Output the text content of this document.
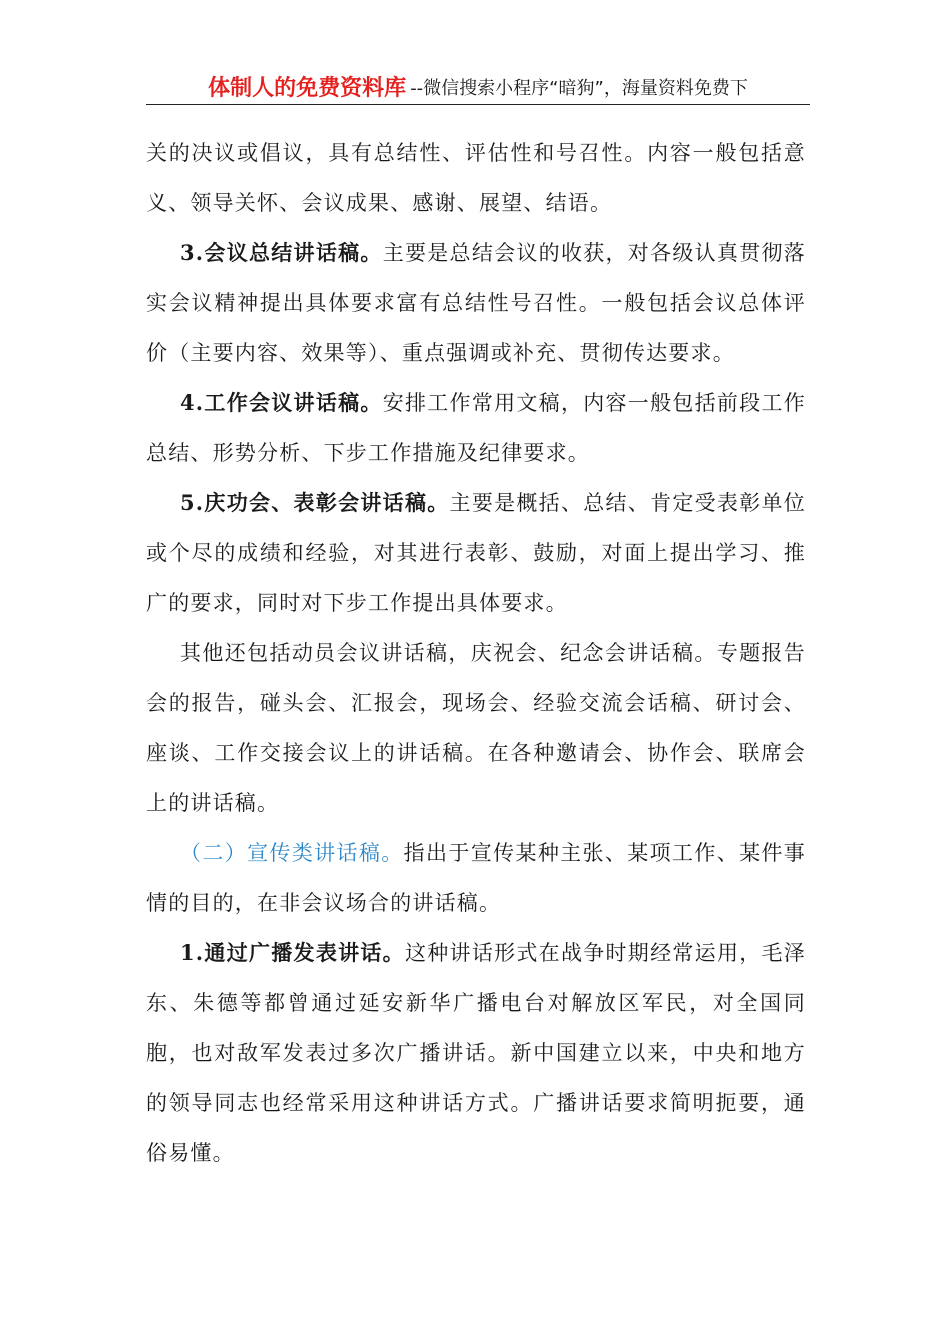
体制人的免费资料库 --微信搜索小程序“暗狗”，海量资料免费下

关的决议或倡议，具有总结性、评估性和号召性。内容一般包括意义、领导关怀、会议成果、感谢、展望、结语。

3.会议总结讲话稿。主要是总结会议的收获，对各级认真贯彻落实会议精神提出具体要求富有总结性号召性。一般包括会议总体评价（主要内容、效果等）、重点强调或补充、贯彻传达要求。

4.工作会议讲话稿。安排工作常用文稿，内容一般包括前段工作总结、形势分析、下步工作措施及纪律要求。

5.庆功会、表彰会讲话稿。主要是概括、总结、肯定受表彰单位或个尽的成绩和经验，对其进行表彰、鼓励，对面上提出学习、推广的要求，同时对下步工作提出具体要求。

其他还包括动员会议讲话稿，庆祝会、纪念会讲话稿。专题报告会的报告，碰头会、汇报会，现场会、经验交流会话稿、研讨会、座谈、工作交接会议上的讲话稿。在各种邀请会、协作会、联席会上的讲话稿。

（二）宣传类讲话稿。指出于宣传某种主张、某项工作、某件事情的目的，在非会议场合的讲话稿。

1.通过广播发表讲话。这种讲话形式在战争时期经常运用，毛泽东、朱德等都曾通过延安新华广播电台对解放区军民，对全国同胞，也对敌军发表过多次广播讲话。新中国建立以来，中央和地方的领导同志也经常采用这种讲话方式。广播讲话要求简明扼要，通俗易懂。
